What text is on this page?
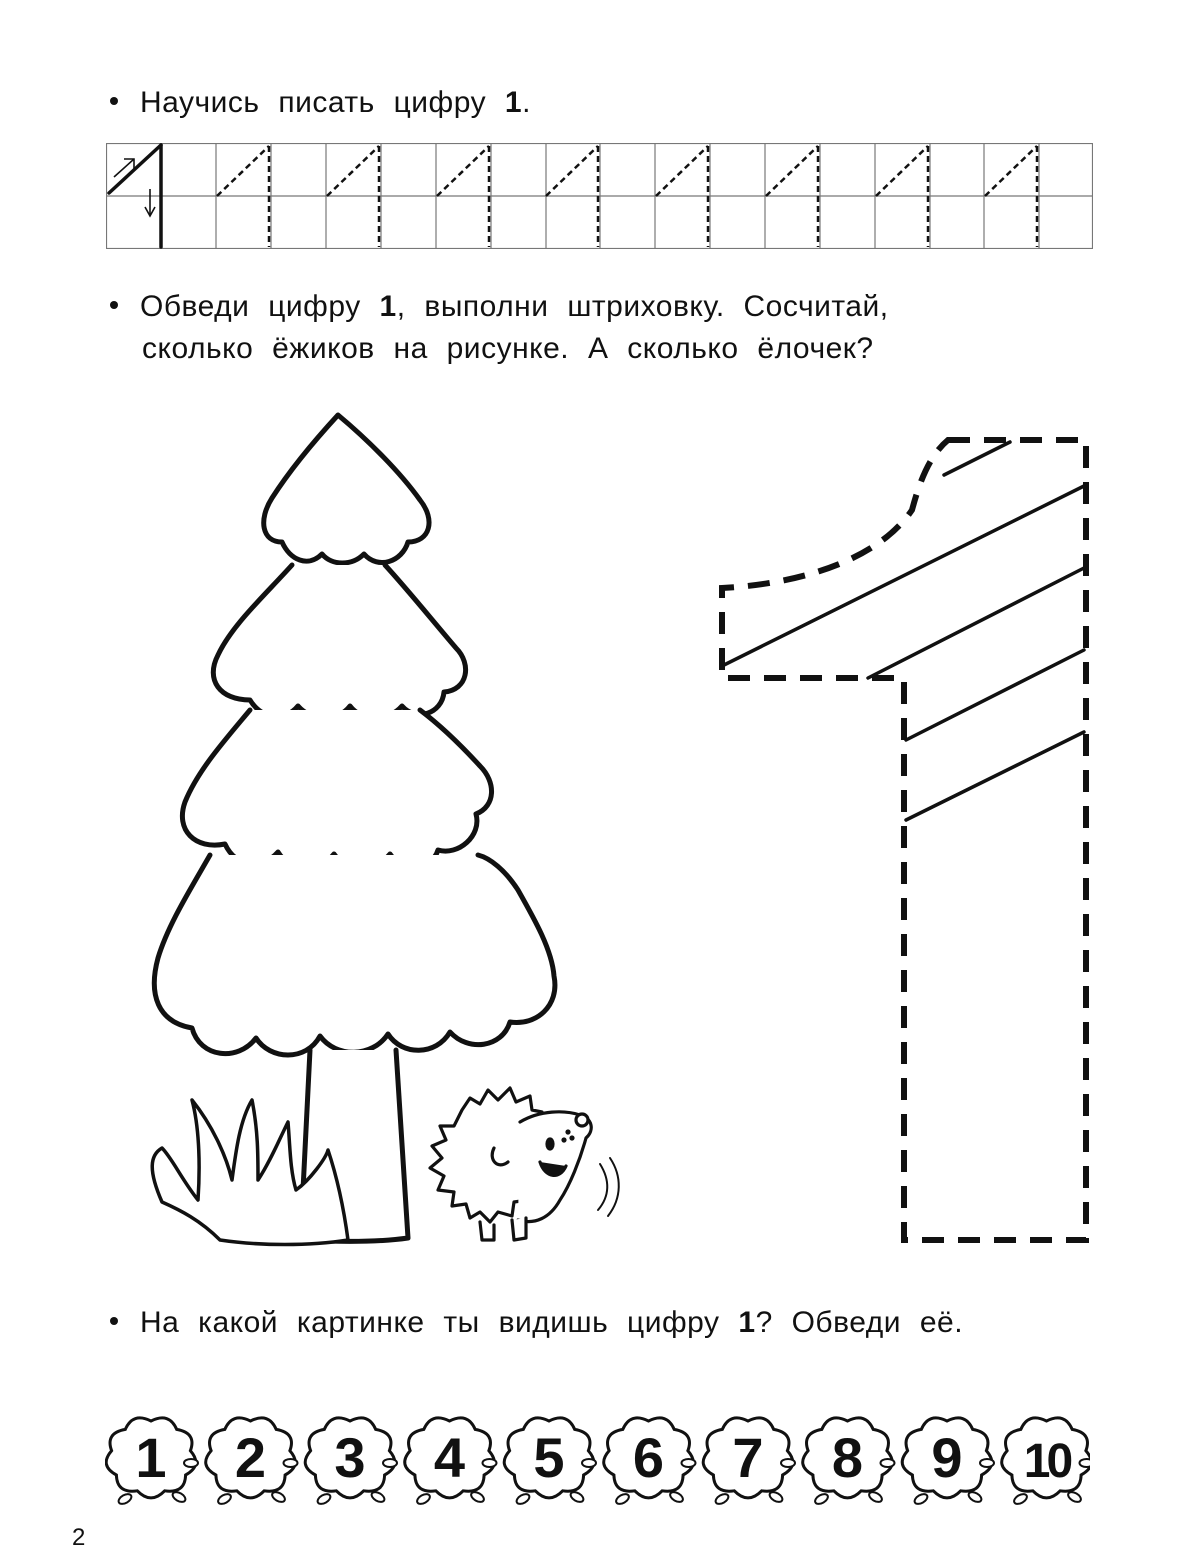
Научись писать цифру 1.
Обведи цифру 1, выполни штриховку. Сосчитай,
сколько ёжиков на рисунке. А сколько ёлочек?
На какой картинке ты видишь цифру 1? Обведи её.
1 2 3 4 5 6 7 8 9 10
2
